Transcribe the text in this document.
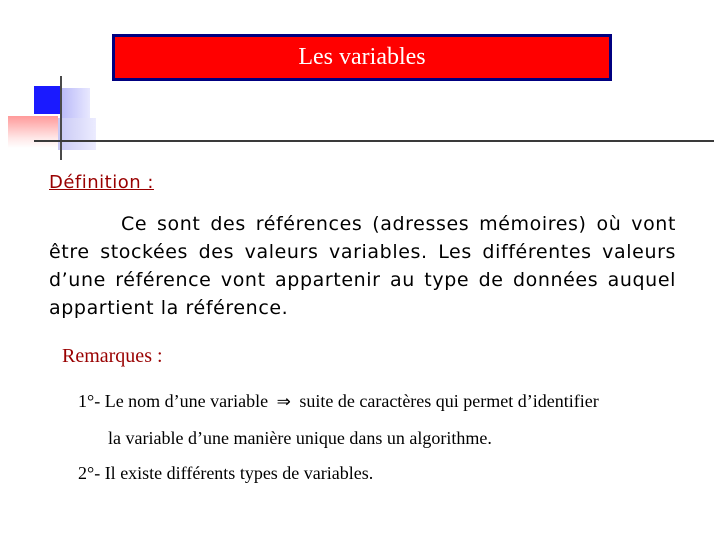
Les variables
Définition :
Ce sont des références (adresses mémoires) où vont être stockées des valeurs variables. Les différentes valeurs d’une référence vont appartenir au type de données auquel appartient la référence.
Remarques :
1°- Le nom d’une variable ⇒ suite de caractères qui permet d’identifier
la variable d’une manière unique dans un algorithme.
2°- Il existe différents types de variables.
